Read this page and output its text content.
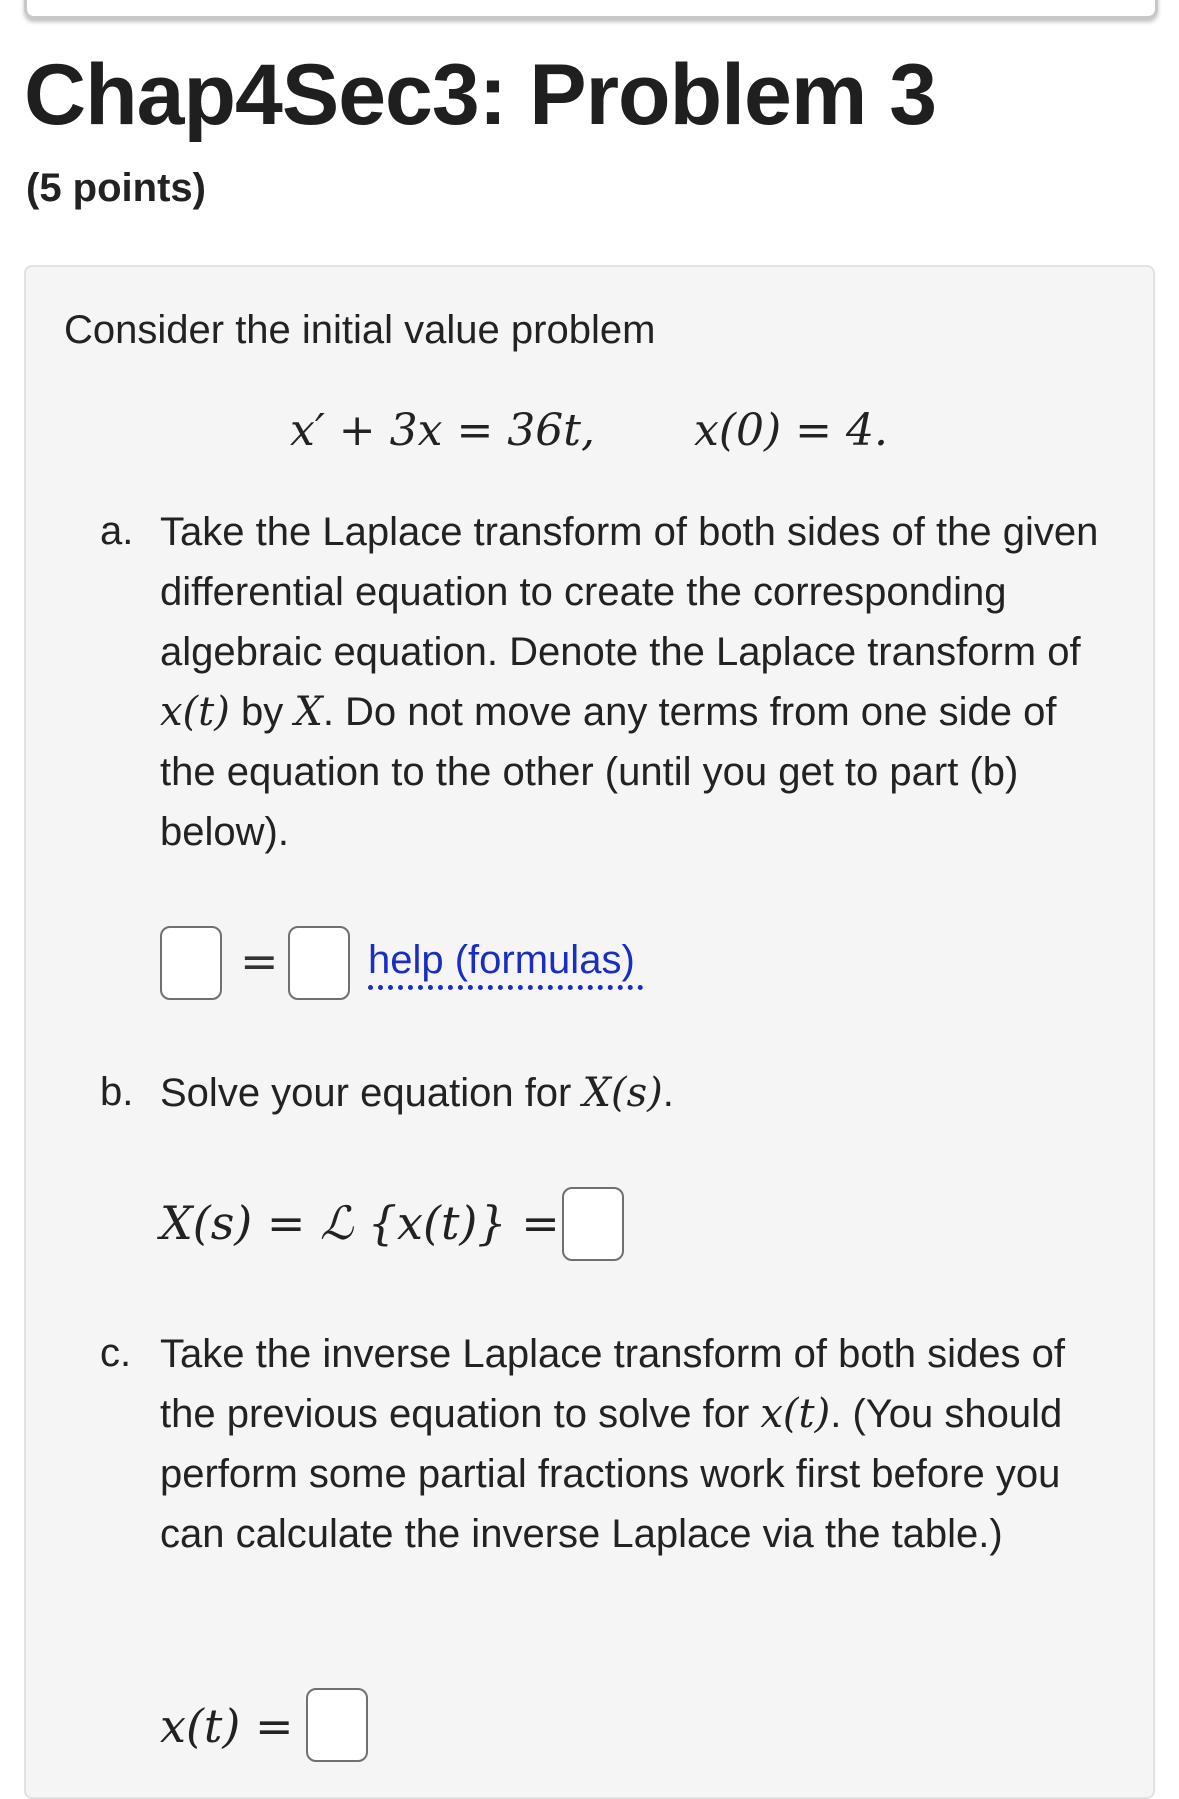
Chap4Sec3: Problem 3
(5 points)
Consider the initial value problem
x′ + 3x = 36t, x(0) = 4.
a. Take the Laplace transform of both sides of the given differential equation to create the corresponding algebraic equation. Denote the Laplace transform of x(t) by X. Do not move any terms from one side of the equation to the other (until you get to part (b) below).
= help (formulas)
b. Solve your equation for X(s).
X(s) = ℒ {x(t)} =
c. Take the inverse Laplace transform of both sides of the previous equation to solve for x(t). (You should perform some partial fractions work first before you can calculate the inverse Laplace via the table.)
x(t) =
